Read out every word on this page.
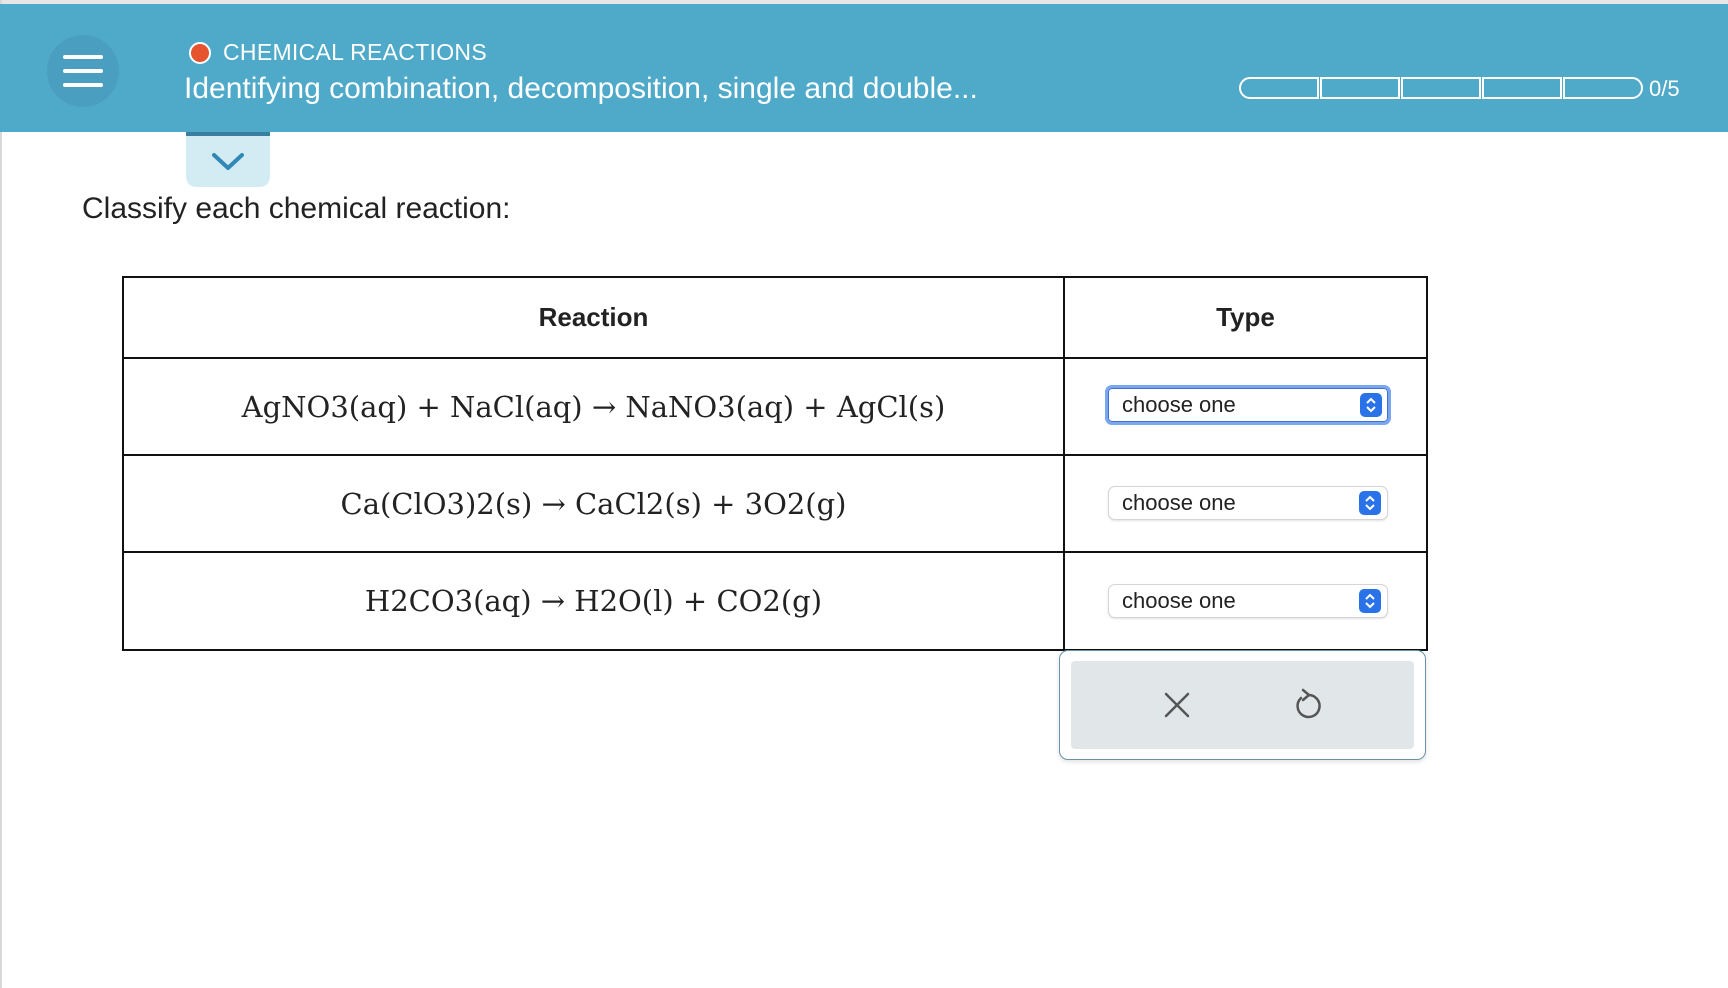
CHEMICAL REACTIONS
Identifying combination, decomposition, single and double...	0/5
Classify each chemical reaction:
Reaction	Type
AgNO3(aq) + NaCl(aq) → NaNO3(aq) + AgCl(s)	choose one

Ca(ClO3)2(s) → CaCl2(s) + 3O2(g)	choose one

H2CO3(aq) → H2O(l) + CO2(g)	choose one
